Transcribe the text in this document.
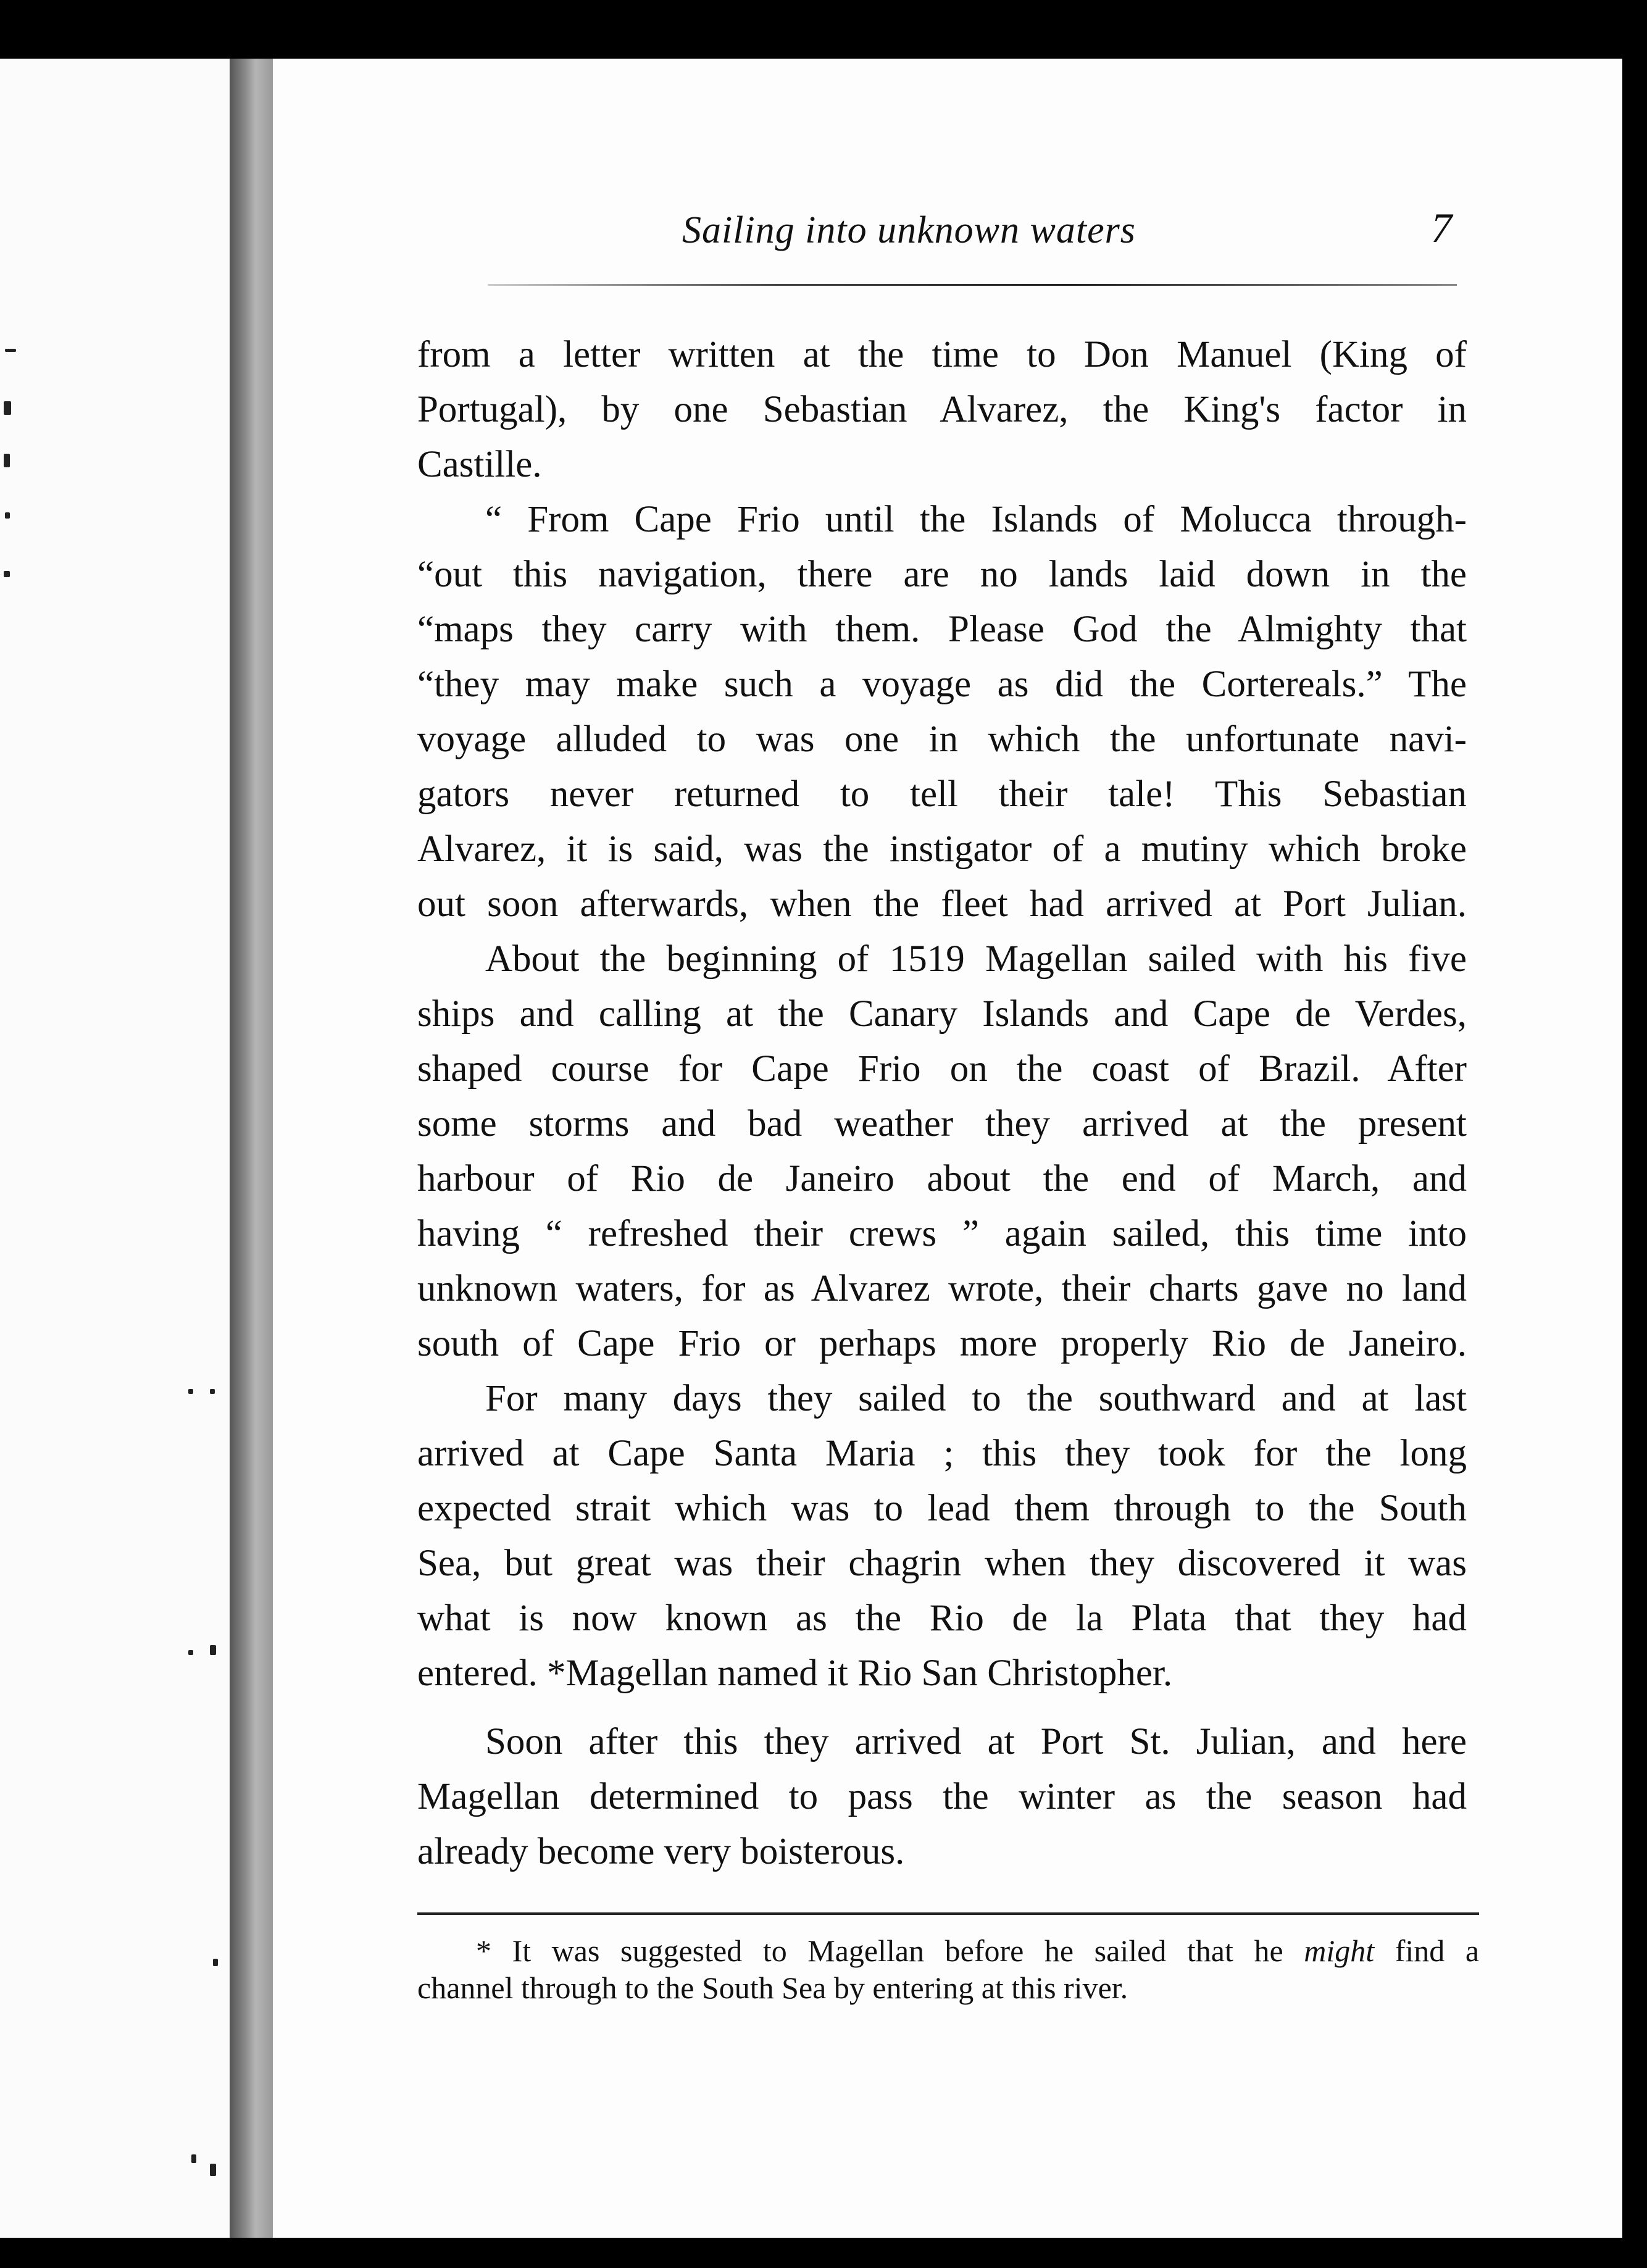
Sailing into unknown waters	7
from a letter written at the time to Don Manuel (King of
Portugal), by one Sebastian Alvarez, the King's factor in
Castille.
“ From Cape Frio until the Islands of Molucca through-
“out this navigation, there are no lands laid down in the
“maps they carry with them. Please God the Almighty that
“they may make such a voyage as did the Cortereals.” The
voyage alluded to was one in which the unfortunate navi-
gators never returned to tell their tale! This Sebastian
Alvarez, it is said, was the instigator of a mutiny which broke
out soon afterwards, when the fleet had arrived at Port Julian.
About the beginning of 1519 Magellan sailed with his five
ships and calling at the Canary Islands and Cape de Verdes,
shaped course for Cape Frio on the coast of Brazil. After
some storms and bad weather they arrived at the present
harbour of Rio de Janeiro about the end of March, and
having “ refreshed their crews ” again sailed, this time into
unknown waters, for as Alvarez wrote, their charts gave no land
south of Cape Frio or perhaps more properly Rio de Janeiro.
For many days they sailed to the southward and at last
arrived at Cape Santa Maria ; this they took for the long
expected strait which was to lead them through to the South
Sea, but great was their chagrin when they discovered it was
what is now known as the Rio de la Plata that they had
entered. *Magellan named it Rio San Christopher.
Soon after this they arrived at Port St. Julian, and here
Magellan determined to pass the winter as the season had
already become very boisterous.
* It was suggested to Magellan before he sailed that he might find a
channel through to the South Sea by entering at this river.
